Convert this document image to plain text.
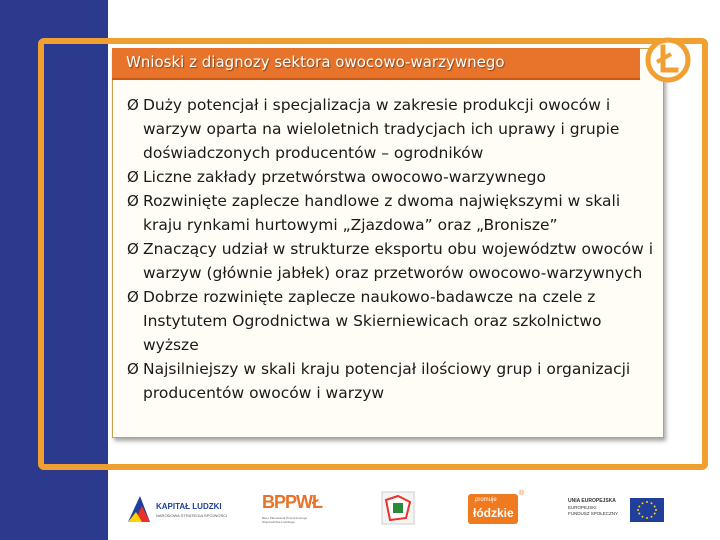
Wnioski z diagnozy sektora owocowo-warzywnego
Ø Duży potencjał i specjalizacja w zakresie produkcji owoców i warzyw oparta na wieloletnich tradycjach ich uprawy i grupie doświadczonych producentów – ogrodników
Ø Liczne zakłady przetwórstwa owocowo-warzywnego
Ø Rozwinięte zaplecze handlowe z dwoma największymi w skali kraju rynkami hurtowymi „Zjazdowa” oraz „Bronisze”
Ø Znaczący udział w strukturze eksportu obu województw owoców i warzyw (głównie jabłek) oraz przetworów owocowo-warzywnych
Ø Dobrze rozwinięte zaplecze naukowo-badawcze na czele z Instytutem Ogrodnictwa w Skierniewicach oraz szkolnictwo wyższe
Ø Najsilniejszy w skali kraju potencjał ilościowy grup i organizacji producentów owoców i warzyw
KAPITAŁ LUDZKI
NARODOWA STRATEGIA SPÓJNOŚCI
BPPWŁ
Biuro Planowania Przestrzennego Województwa Łódzkiego
promuje
łódzkie
®
UNIA EUROPEJSKA
EUROPEJSKI
FUNDUSZ SPOŁECZNY
